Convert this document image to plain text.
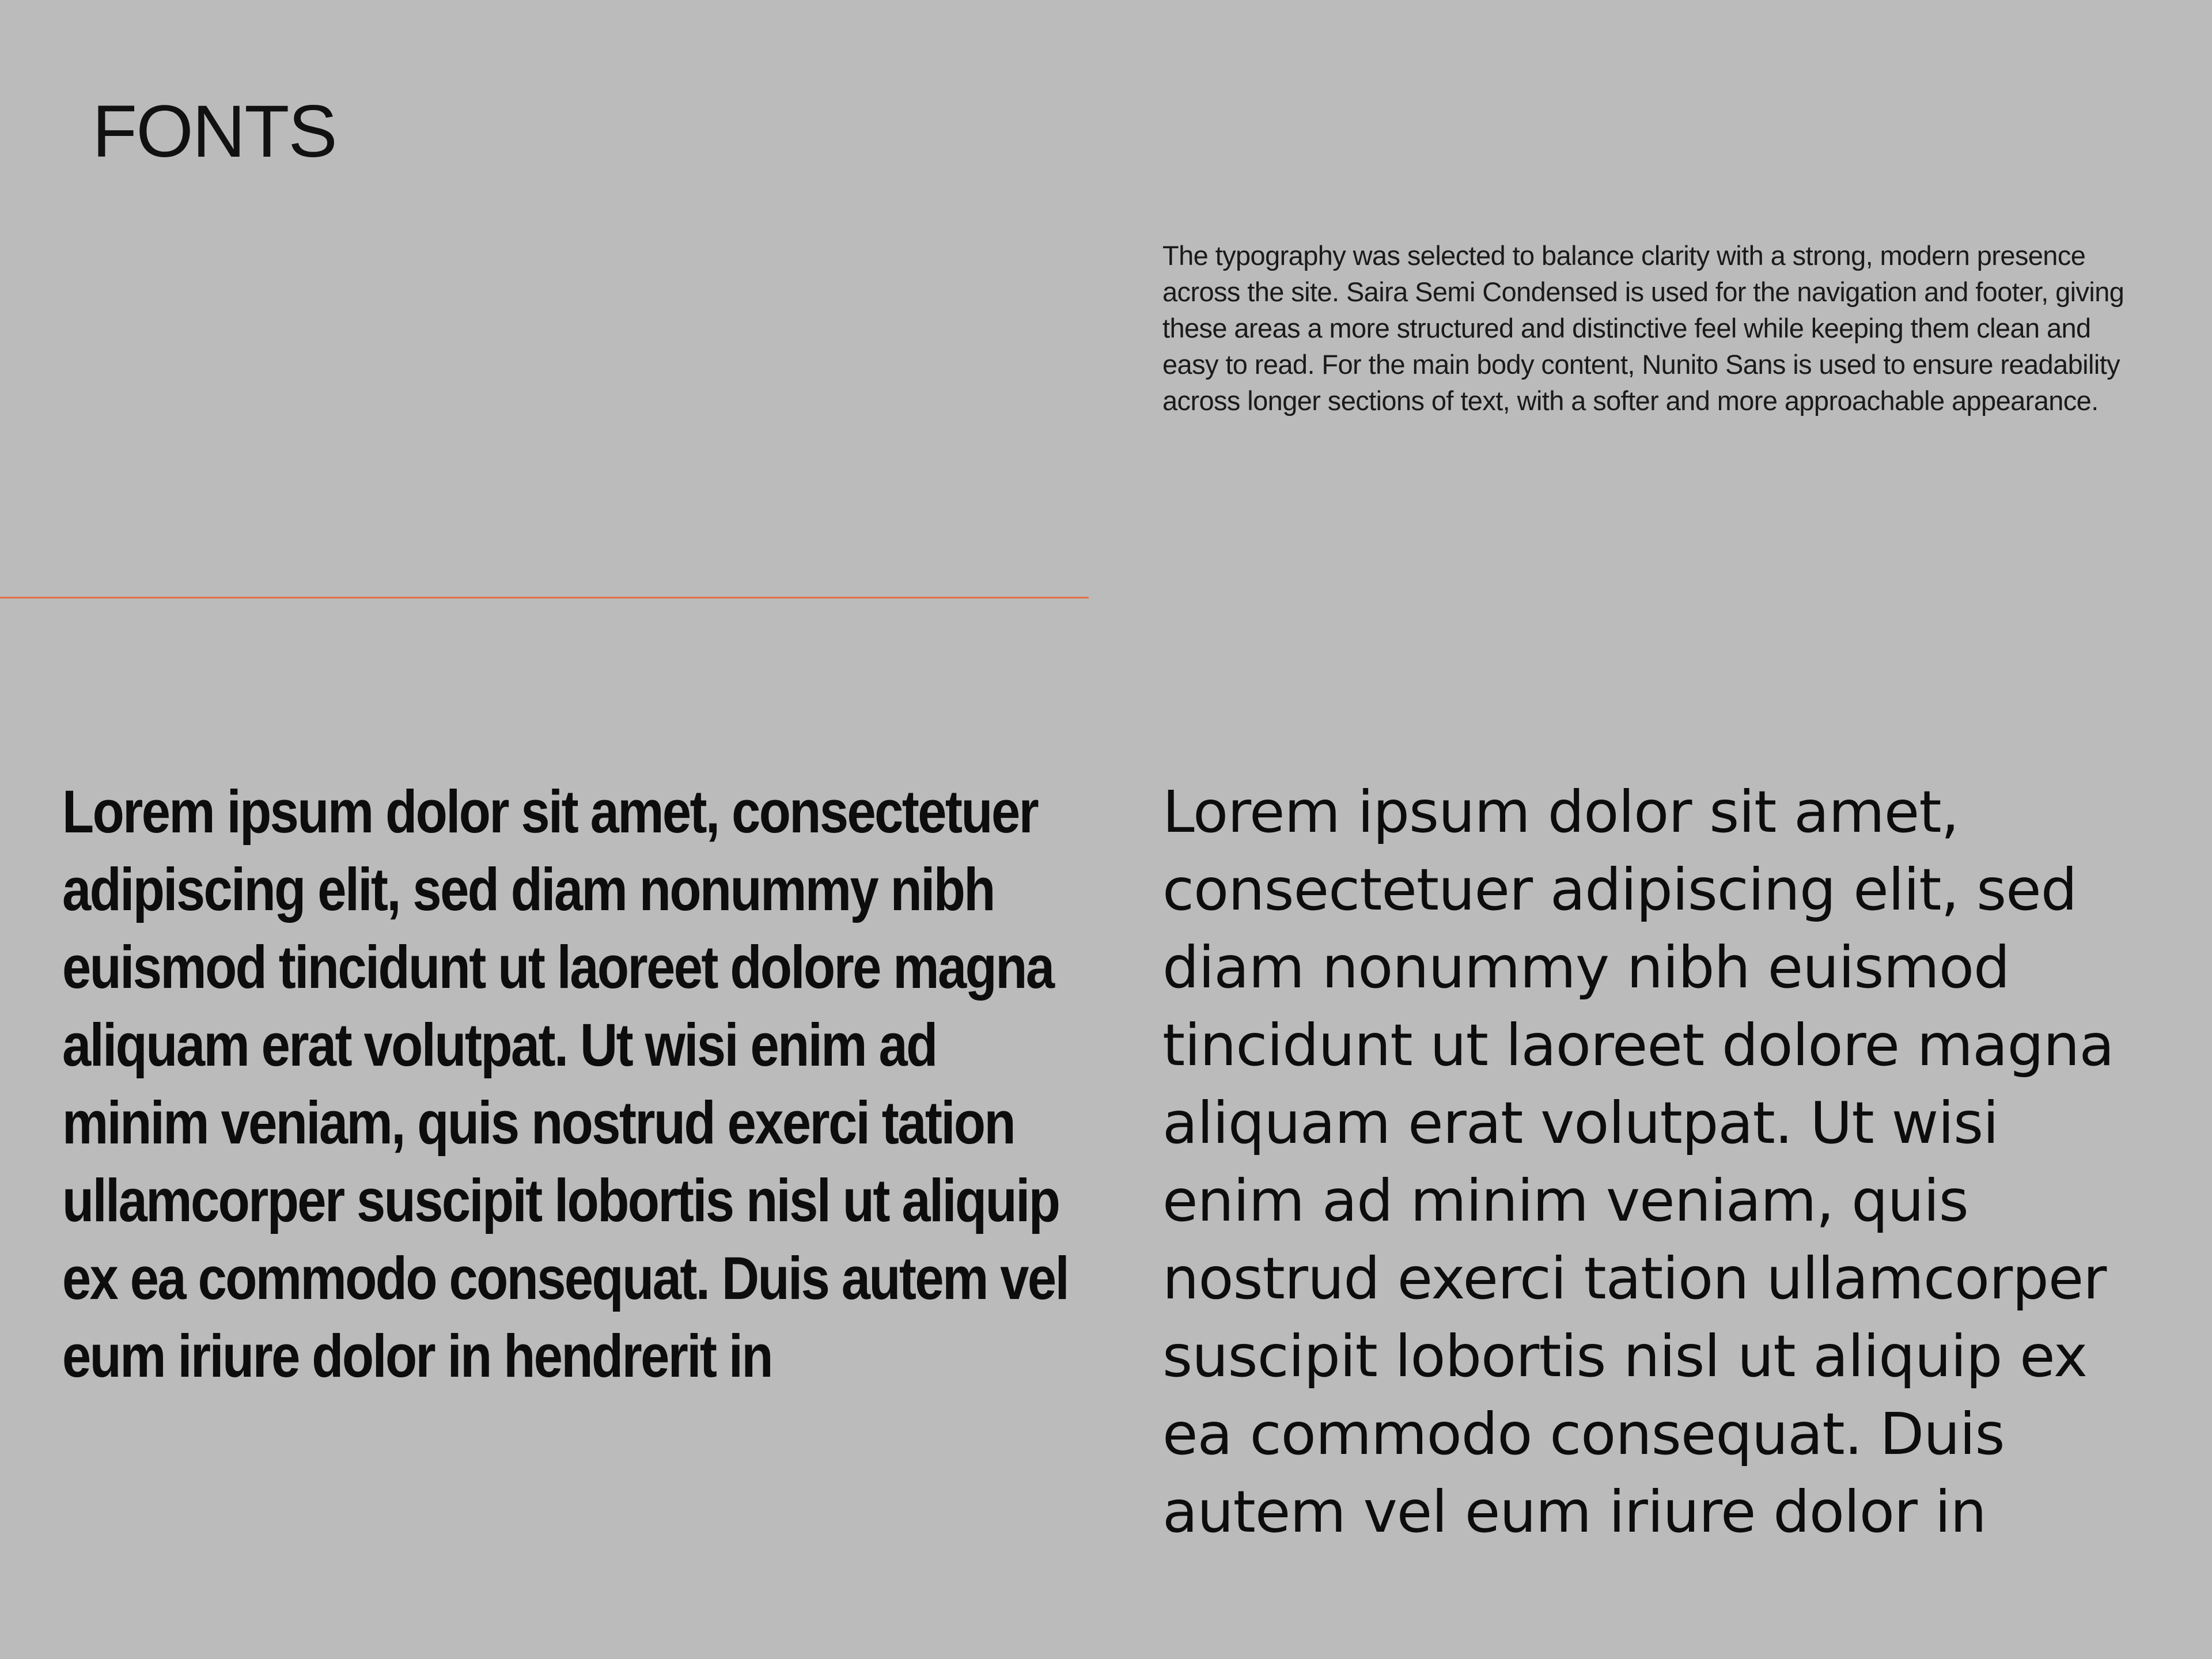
FONTS

The typography was selected to balance clarity with a strong, modern presence across the site. Saira Semi Condensed is used for the navigation and footer, giving these areas a more structured and distinctive feel while keeping them clean and easy to read. For the main body content, Nunito Sans is used to ensure readability across longer sections of text, with a softer and more approachable appearance.

Lorem ipsum dolor sit amet, consectetuer adipiscing elit, sed diam nonummy nibh euismod tincidunt ut laoreet dolore magna aliquam erat volutpat. Ut wisi enim ad minim veniam, quis nostrud exerci tation ullamcorper suscipit lobortis nisl ut aliquip ex ea commodo consequat. Duis autem vel eum iriure dolor in hendrerit in

Lorem ipsum dolor sit amet, consectetuer adipiscing elit, sed diam nonummy nibh euismod tincidunt ut laoreet dolore magna aliquam erat volutpat. Ut wisi enim ad minim veniam, quis nostrud exerci tation ullamcorper suscipit lobortis nisl ut aliquip ex ea commodo consequat. Duis autem vel eum iriure dolor in
